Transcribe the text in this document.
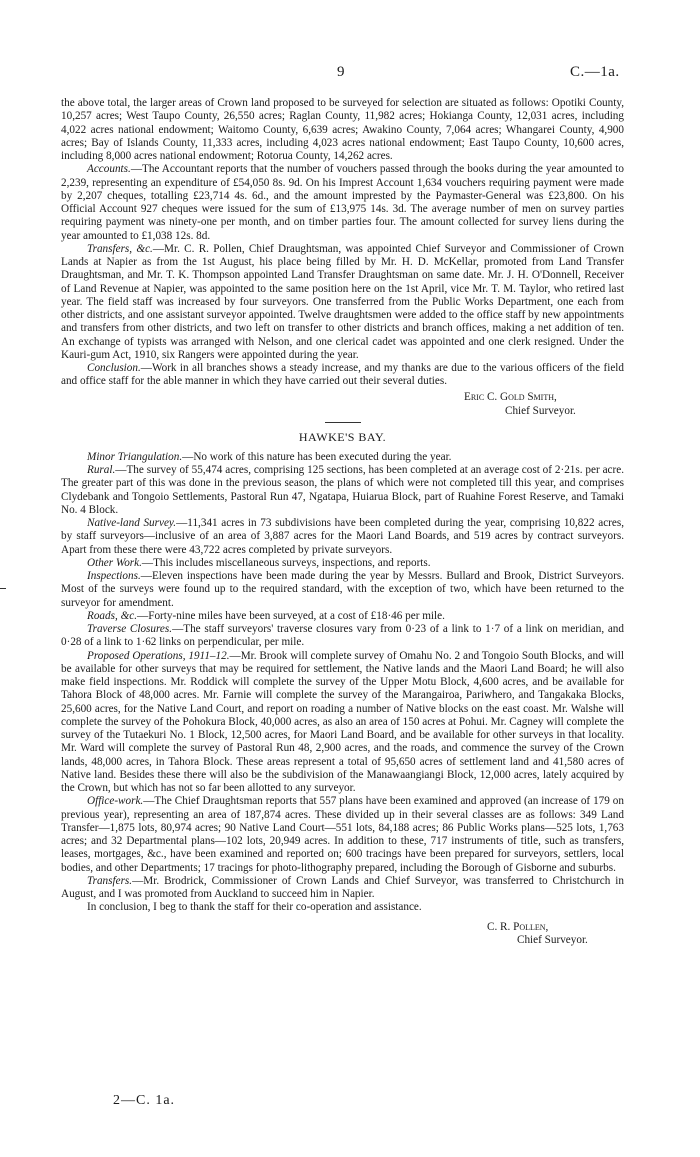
9	C.—1a.

the above total, the larger areas of Crown land proposed to be surveyed for selection are situated as follows: Opotiki County, 10,257 acres; West Taupo County, 26,550 acres; Raglan County, 11,982 acres; Hokianga County, 12,031 acres, including 4,022 acres national endowment; Waitomo County, 6,639 acres; Awakino County, 7,064 acres; Whangarei County, 4,900 acres; Bay of Islands County, 11,333 acres, including 4,023 acres national endowment; East Taupo County, 10,600 acres, including 8,000 acres national endowment; Rotorua County, 14,262 acres.

Accounts.—The Accountant reports that the number of vouchers passed through the books during the year amounted to 2,239, representing an expenditure of £54,050 8s. 9d. On his Imprest Account 1,634 vouchers requiring payment were made by 2,207 cheques, totalling £23,714 4s. 6d., and the amount imprested by the Paymaster-General was £23,800. On his Official Account 927 cheques were issued for the sum of £13,975 14s. 3d. The average number of men on survey parties requiring payment was ninety-one per month, and on timber parties four. The amount collected for survey liens during the year amounted to £1,038 12s. 8d.

Transfers, &c.—Mr. C. R. Pollen, Chief Draughtsman, was appointed Chief Surveyor and Commissioner of Crown Lands at Napier as from the 1st August, his place being filled by Mr. H. D. McKellar, promoted from Land Transfer Draughtsman, and Mr. T. K. Thompson appointed Land Transfer Draughtsman on same date. Mr. J. H. O'Donnell, Receiver of Land Revenue at Napier, was appointed to the same position here on the 1st April, vice Mr. T. M. Taylor, who retired last year. The field staff was increased by four surveyors. One transferred from the Public Works Department, one each from other districts, and one assistant surveyor appointed. Twelve draughtsmen were added to the office staff by new appointments and transfers from other districts, and two left on transfer to other districts and branch offices, making a net addition of ten. An exchange of typists was arranged with Nelson, and one clerical cadet was appointed and one clerk resigned. Under the Kauri-gum Act, 1910, six Rangers were appointed during the year.

Conclusion.—Work in all branches shows a steady increase, and my thanks are due to the various officers of the field and office staff for the able manner in which they have carried out their several duties.

Eric C. Gold Smith,
Chief Surveyor.
HAWKE'S BAY.

Minor Triangulation.—No work of this nature has been executed during the year.

Rural.—The survey of 55,474 acres, comprising 125 sections, has been completed at an average cost of 2·21s. per acre. The greater part of this was done in the previous season, the plans of which were not completed till this year, and comprises Clydebank and Tongoio Settlements, Pastoral Run 47, Ngatapa, Huiarua Block, part of Ruahine Forest Reserve, and Tamaki No. 4 Block.

Native-land Survey.—11,341 acres in 73 subdivisions have been completed during the year, comprising 10,822 acres, by staff surveyors—inclusive of an area of 3,887 acres for the Maori Land Boards, and 519 acres by contract surveyors. Apart from these there were 43,722 acres completed by private surveyors.

Other Work.—This includes miscellaneous surveys, inspections, and reports.

Inspections.—Eleven inspections have been made during the year by Messrs. Bullard and Brook, District Surveyors. Most of the surveys were found up to the required standard, with the exception of two, which have been returned to the surveyor for amendment.

Roads, &c.—Forty-nine miles have been surveyed, at a cost of £18·46 per mile.

Traverse Closures.—The staff surveyors' traverse closures vary from 0·23 of a link to 1·7 of a link on meridian, and 0·28 of a link to 1·62 links on perpendicular, per mile.

Proposed Operations, 1911–12.—Mr. Brook will complete survey of Omahu No. 2 and Tongoio South Blocks, and will be available for other surveys that may be required for settlement, the Native lands and the Maori Land Board; he will also make field inspections. Mr. Roddick will complete the survey of the Upper Motu Block, 4,600 acres, and be available for Tahora Block of 48,000 acres. Mr. Farnie will complete the survey of the Marangairoa, Pariwhero, and Tangakaka Blocks, 25,600 acres, for the Native Land Court, and report on roading a number of Native blocks on the east coast. Mr. Walshe will complete the survey of the Pohokura Block, 40,000 acres, as also an area of 150 acres at Pohui. Mr. Cagney will complete the survey of the Tutaekuri No. 1 Block, 12,500 acres, for Maori Land Board, and be available for other surveys in that locality. Mr. Ward will complete the survey of Pastoral Run 48, 2,900 acres, and the roads, and commence the survey of the Crown lands, 48,000 acres, in Tahora Block. These areas represent a total of 95,650 acres of settlement land and 41,580 acres of Native land. Besides these there will also be the subdivision of the Manawaangiangi Block, 12,000 acres, lately acquired by the Crown, but which has not so far been allotted to any surveyor.

Office-work.—The Chief Draughtsman reports that 557 plans have been examined and approved (an increase of 179 on previous year), representing an area of 187,874 acres. These divided up in their several classes are as follows: 349 Land Transfer—1,875 lots, 80,974 acres; 90 Native Land Court—551 lots, 84,188 acres; 86 Public Works plans—525 lots, 1,763 acres; and 32 Departmental plans—102 lots, 20,949 acres. In addition to these, 717 instruments of title, such as transfers, leases, mortgages, &c., have been examined and reported on; 600 tracings have been prepared for surveyors, settlers, local bodies, and other Departments; 17 tracings for photo-lithography prepared, including the Borough of Gisborne and suburbs.

Transfers.—Mr. Brodrick, Commissioner of Crown Lands and Chief Surveyor, was transferred to Christchurch in August, and I was promoted from Auckland to succeed him in Napier.

In conclusion, I beg to thank the staff for their co-operation and assistance.

C. R. Pollen,
Chief Surveyor.
2—C. 1a.
